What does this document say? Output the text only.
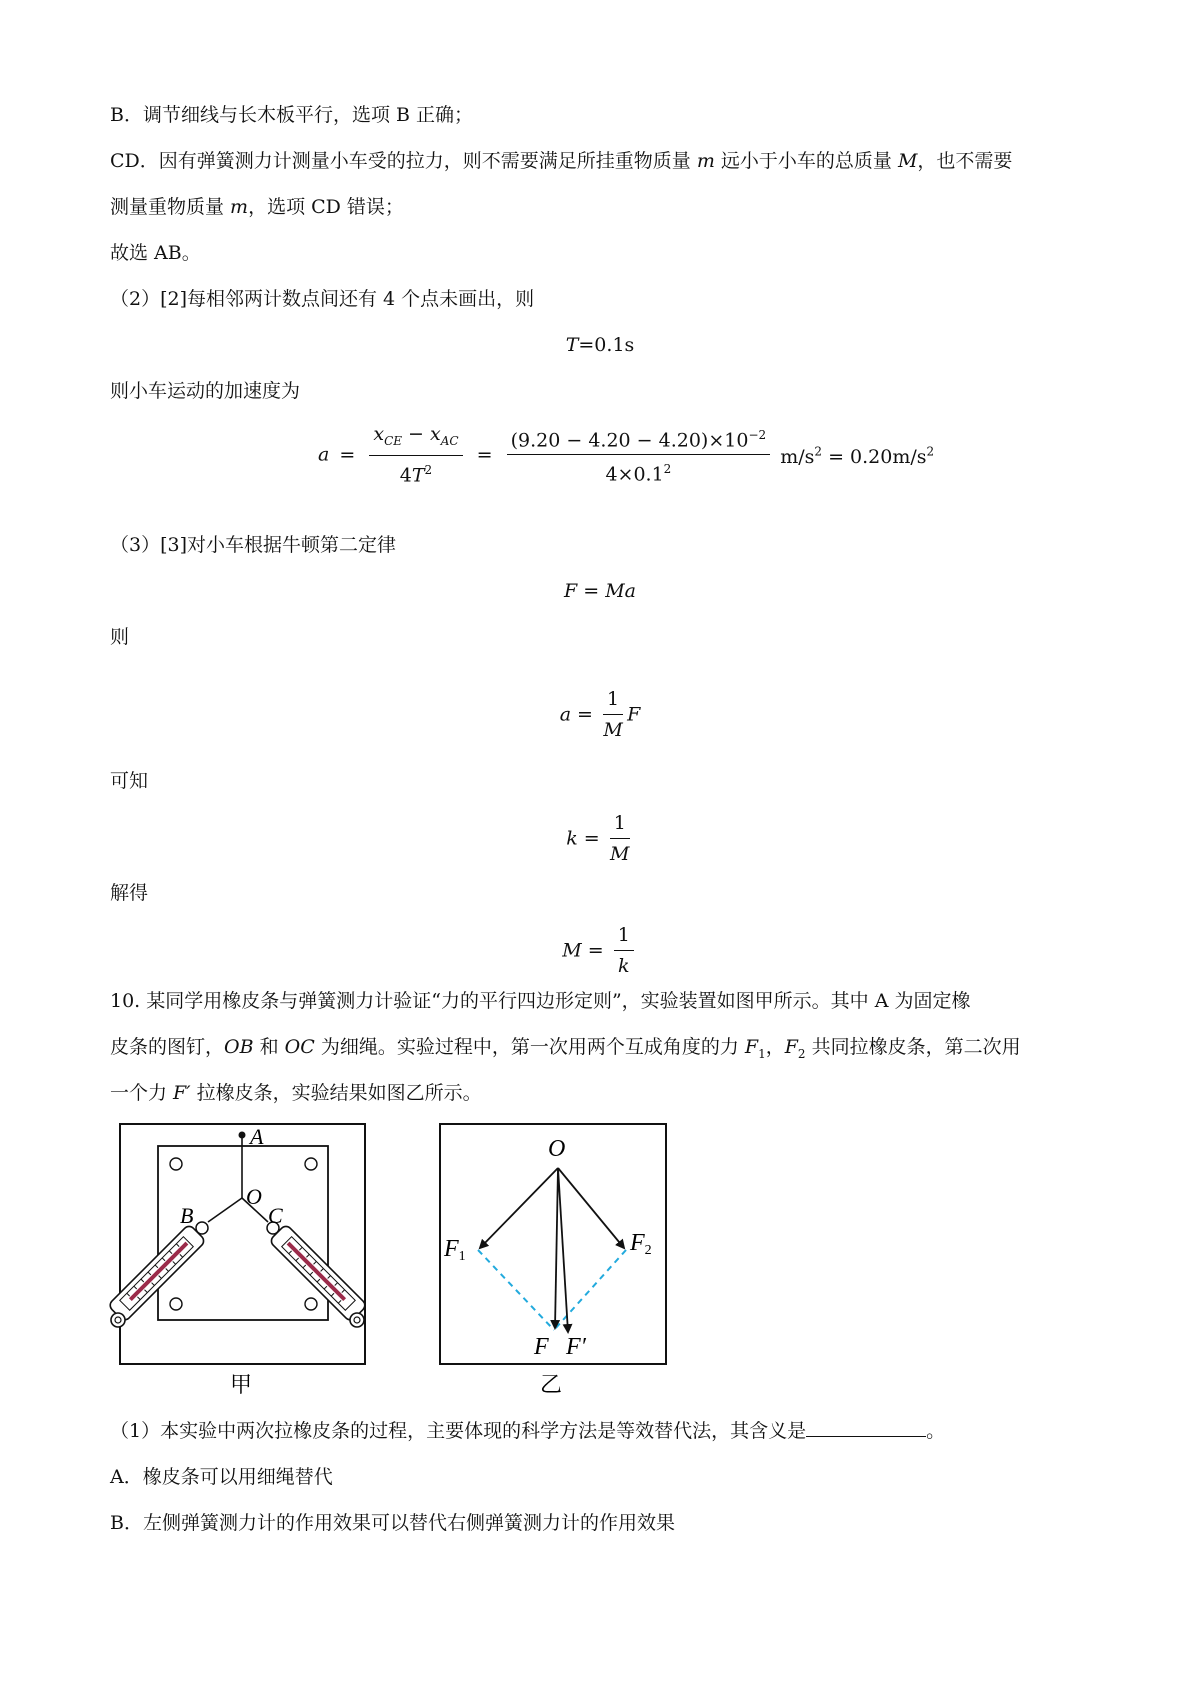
B．调节细线与长木板平行，选项 B 正确；
CD．因有弹簧测力计测量小车受的拉力，则不需要满足所挂重物质量 m 远小于小车的总质量 M，也不需要
测量重物质量 m，选项 CD 错误；
故选 AB。
（2）[2]每相邻两计数点间还有 4 个点未画出，则
T=0.1s
则小车运动的加速度为
$a = \frac{x_{CE} - x_{AC}}{4T^2} = \frac{(9.20 - 4.20 - 4.20)\times 10^{-2}}{4\times 0.1^2} m/s^2 = 0.20m/s^2$
（3）[3]对小车根据牛顿第二定律
F = Ma
则
$a = \frac{1}{M}$ F
可知
$k = \frac{1}{M}$
解得
$M = \frac{1}{k}$
10. 某同学用橡皮条与弹簧测力计验证“力的平行四边形定则”，实验装置如图甲所示。其中 A 为固定橡
皮条的图钉，OB 和 OC 为细绳。实验过程中，第一次用两个互成角度的力 $F_1$，$F_2$ 共同拉橡皮条，第二次用
一个力 F′ 拉橡皮条，实验结果如图乙所示。
A
O
B	C
甲
O
F1
F2
F F′
乙
（1）本实验中两次拉橡皮条的过程，主要体现的科学方法是等效替代法，其含义是	。
A．橡皮条可以用细绳替代
B．左侧弹簧测力计的作用效果可以替代右侧弹簧测力计的作用效果
